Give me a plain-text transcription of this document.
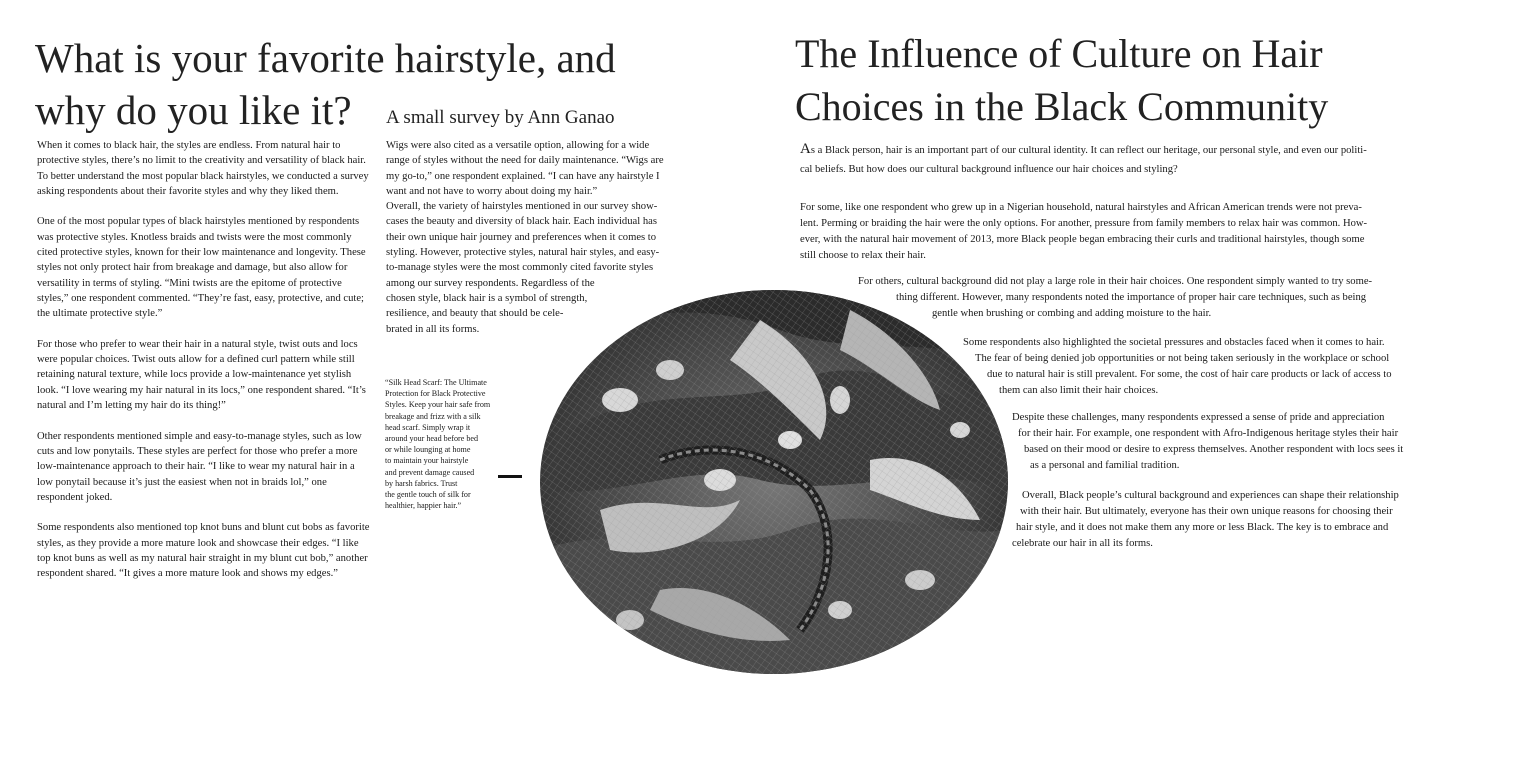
What is your favorite hairstyle, and why do you like it?	A small survey by Ann Ganao

When it comes to black hair, the styles are endless. From natural hair to protective styles, there’s no limit to the creativity and versatility of black hair. To better understand the most popular black hairstyles, we conducted a survey asking respondents about their favorite styles and why they liked them.

One of the most popular types of black hairstyles mentioned by respondents was protective styles. Knotless braids and twists were the most commonly cited protective styles, known for their low maintenance and longevity. These styles not only protect hair from breakage and damage, but also allow for versatility in terms of styling. “Mini twists are the epitome of protective styles,” one respondent commented. “They’re fast, easy, protective, and cute; the ultimate protective style.”

For those who prefer to wear their hair in a natural style, twist outs and locs were popular choices. Twist outs allow for a defined curl pattern while still retaining natural texture, while locs provide a low-maintenance yet stylish look. “I love wearing my hair natural in its locs,” one respondent shared. “It’s natural and I’m letting my hair do its thing!”

Other respondents mentioned simple and easy-to-manage styles, such as low cuts and low ponytails. These styles are perfect for those who prefer a more low-maintenance approach to their hair. “I like to wear my natural hair in a low ponytail because it’s just the easiest when not in braids lol,” one respondent joked.

Some respondents also mentioned top knot buns and blunt cut bobs as favorite styles, as they provide a more mature look and showcase their edges. “I like top knot buns as well as my natural hair straight in my blunt cut bob,” another respondent shared. “It gives a more mature look and shows my edges.”

Wigs were also cited as a versatile option, allowing for a wide
range of styles without the need for daily maintenance. “Wigs are
my go-to,” one respondent explained. “I can have any hairstyle I
want and not have to worry about doing my hair.”
Overall, the variety of hairstyles mentioned in our survey show-
cases the beauty and diversity of black hair. Each individual has
their own unique hair journey and preferences when it comes to
styling. However, protective styles, natural hair styles, and easy-
to-manage styles were the most commonly cited favorite styles
among our survey respondents. Regardless of the
chosen style, black hair is a symbol of strength,
resilience, and beauty that should be cele-
brated in all its forms.
“Silk Head Scarf: The Ultimate
Protection for Black Protective
Styles. Keep your hair safe from
breakage and frizz with a silk
head scarf. Simply wrap it
around your head before bed
or while lounging at home
to maintain your hairstyle
and prevent damage caused
by harsh fabrics. Trust
the gentle touch of silk for
healthier, happier hair.”
The Influence of Culture on Hair
Choices in the Black Community
As a Black person, hair is an important part of our cultural identity. It can reflect our heritage, our personal style, and even our politi-
cal beliefs. But how does our cultural background influence our hair choices and styling?
For some, like one respondent who grew up in a Nigerian household, natural hairstyles and African American trends were not preva-
lent. Perming or braiding the hair were the only options. For another, pressure from family members to relax hair was common. How-
ever, with the natural hair movement of 2013, more Black people began embracing their curls and traditional hairstyles, though some
still choose to relax their hair.
For others, cultural background did not play a large role in their hair choices. One respondent simply wanted to try some-
thing different. However, many respondents noted the importance of proper hair care techniques, such as being
gentle when brushing or combing and adding moisture to the hair.
Some respondents also highlighted the societal pressures and obstacles faced when it comes to hair.
The fear of being denied job opportunities or not being taken seriously in the workplace or school
due to natural hair is still prevalent. For some, the cost of hair care products or lack of access to
them can also limit their hair choices.
Despite these challenges, many respondents expressed a sense of pride and appreciation
for their hair. For example, one respondent with Afro-Indigenous heritage styles their hair
based on their mood or desire to express themselves. Another respondent with locs sees it
as a personal and familial tradition.
Overall, Black people’s cultural background and experiences can shape their relationship
with their hair. But ultimately, everyone has their own unique reasons for choosing their
hair style, and it does not make them any more or less Black. The key is to embrace and
celebrate our hair in all its forms.
